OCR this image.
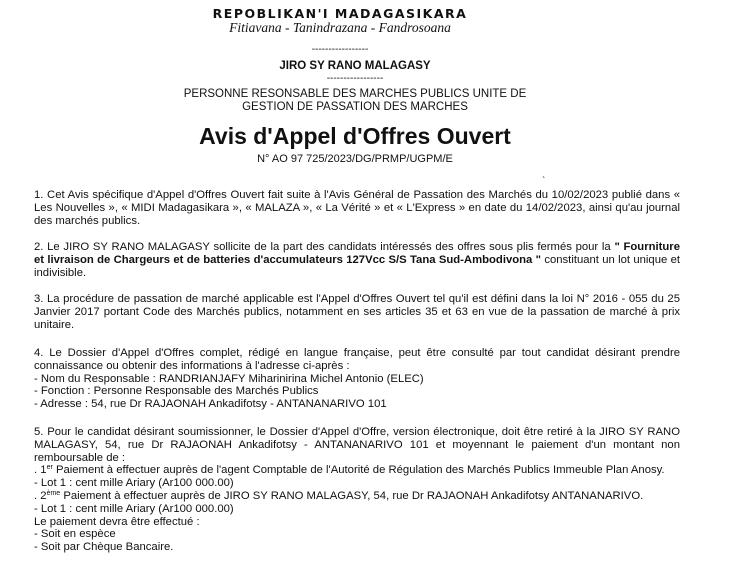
REPOBLIKAN'I MADAGASIKARA
Fitiavana - Tanindrazana - Fandrosoana
-----------------
JIRO SY RANO MALAGASY
-----------------
PERSONNE RESONSABLE DES MARCHES PUBLICS UNITE DE
GESTION DE PASSATION DES MARCHES
Avis d'Appel d'Offres Ouvert
N° AO 97 725/2023/DG/PRMP/UGPM/E
`

1. Cet Avis spécifique d'Appel d'Offres Ouvert fait suite à l'Avis Général de Passation des Marchés du 10/02/2023 publié dans « Les Nouvelles », « MIDI Madagasikara », « MALAZA », « La Vérité » et « L'Express » en date du 14/02/2023, ainsi qu'au journal des marchés publics.

2. Le JIRO SY RANO MALAGASY sollicite de la part des candidats intéressés des offres sous plis fermés pour la " Fourniture et livraison de Chargeurs et de batteries d'accumulateurs 127Vcc S/S Tana Sud-Ambodivona " constituant un lot unique et indivisible.

3. La procédure de passation de marché applicable est l'Appel d'Offres Ouvert tel qu'il est défini dans la loi N° 2016 - 055 du 25 Janvier 2017 portant Code des Marchés publics, notamment en ses articles 35 et 63 en vue de la passation de marché à prix unitaire.

4. Le Dossier d'Appel d'Offres complet, rédigé en langue française, peut être consulté par tout candidat désirant prendre connaissance ou obtenir des informations à l'adresse ci-après :

- Nom du Responsable : RANDRIANJAFY Miharinirina Michel Antonio (ELEC)
- Fonction : Personne Responsable des Marchés Publics
- Adresse : 54, rue Dr RAJAONAH Ankadifotsy - ANTANANARIVO 101

5. Pour le candidat désirant soumissionner, le Dossier d'Appel d'Offre, version électronique, doit être retiré à la JIRO SY RANO MALAGASY, 54, rue Dr RAJAONAH Ankadifotsy - ANTANANARIVO 101 et moyennant le paiement d'un montant non remboursable de :

. 1er Paiement à effectuer auprès de l'agent Comptable de l'Autorité de Régulation des Marchés Publics Immeuble Plan Anosy.
- Lot 1 : cent mille Ariary (Ar100 000.00)
. 2ème Paiement à effectuer auprès de JIRO SY RANO MALAGASY, 54, rue Dr RAJAONAH Ankadifotsy ANTANANARIVO.
- Lot 1 : cent mille Ariary (Ar100 000.00)
Le paiement devra être effectué :
- Soit en espèce
- Soit par Chèque Bancaire.
